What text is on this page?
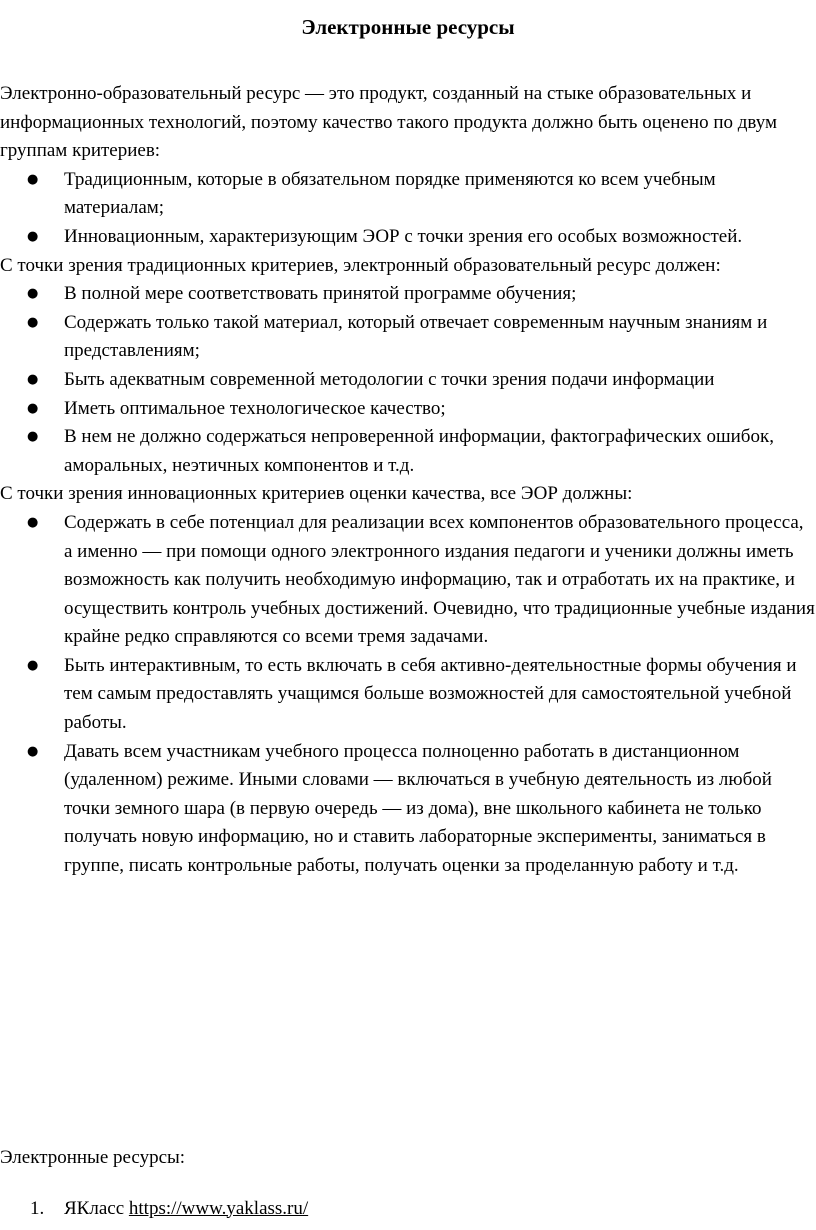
Электронные ресурсы

Электронно-образовательный ресурс — это продукт, созданный на стыке образовательных и информационных технологий, поэтому качество такого продукта должно быть оценено по двум группам критериев:

● Традиционным, которые в обязательном порядке применяются ко всем учебным материалам;
● Инновационным, характеризующим ЭОР с точки зрения его особых возможностей.

С точки зрения традиционных критериев, электронный образовательный ресурс должен:

● В полной мере соответствовать принятой программе обучения;
● Содержать только такой материал, который отвечает современным научным знаниям и представлениям;
● Быть адекватным современной методологии с точки зрения подачи информации
● Иметь оптимальное технологическое качество;
● В нем не должно содержаться непроверенной информации, фактографических ошибок, аморальных, неэтичных компонентов и т.д.

С точки зрения инновационных критериев оценки качества, все ЭОР должны:

● Содержать в себе потенциал для реализации всех компонентов образовательного процесса, а именно — при помощи одного электронного издания педагоги и ученики должны иметь возможность как получить необходимую информацию, так и отработать их на практике, и осуществить контроль учебных достижений. Очевидно, что традиционные учебные издания крайне редко справляются со всеми тремя задачами.
● Быть интерактивным, то есть включать в себя активно-деятельностные формы обучения и тем самым предоставлять учащимся больше возможностей для самостоятельной учебной работы.
● Давать всем участникам учебного процесса полноценно работать в дистанционном (удаленном) режиме. Иными словами — включаться в учебную деятельность из любой точки земного шара (в первую очередь — из дома), вне школьного кабинета не только получать новую информацию, но и ставить лабораторные эксперименты, заниматься в группе, писать контрольные работы, получать оценки за проделанную работу и т.д.

Электронные ресурсы:

1. ЯКласс https://www.yaklass.ru/
